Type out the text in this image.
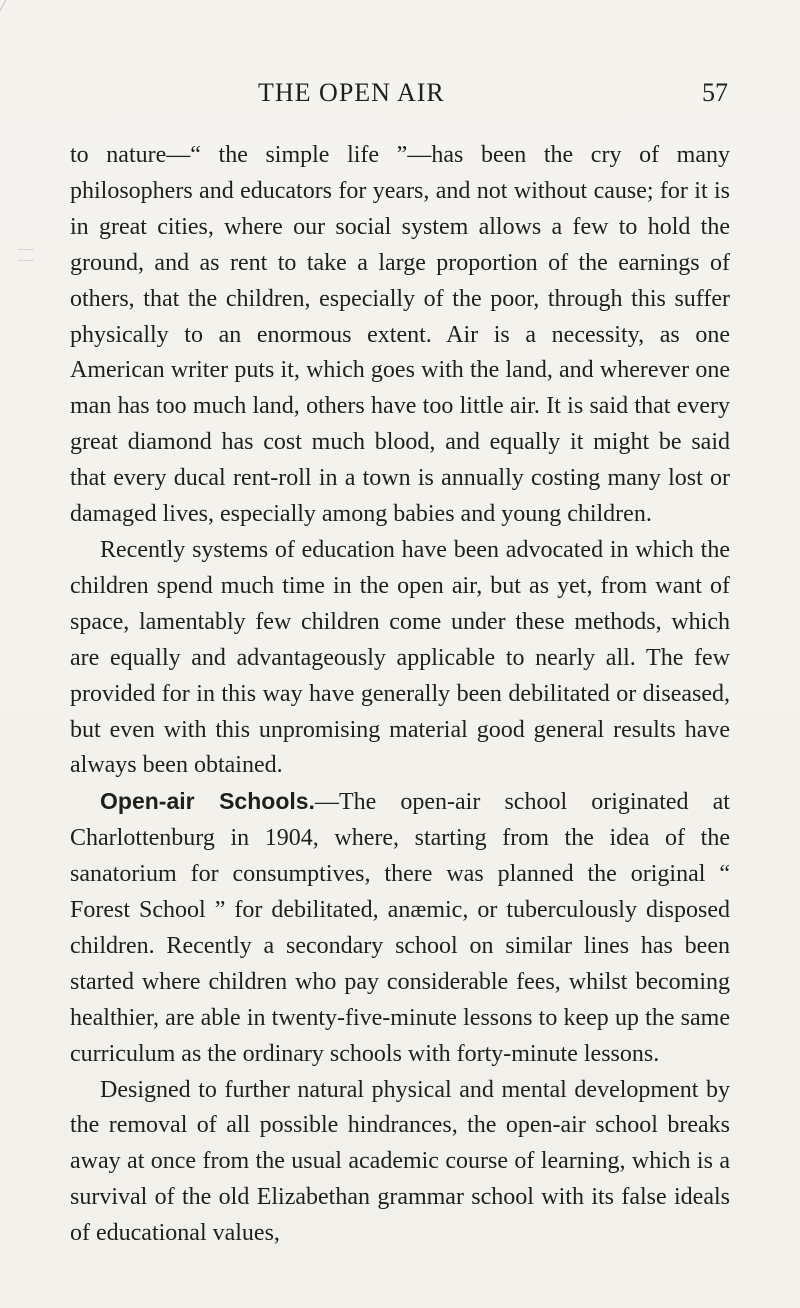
THE OPEN AIR	57

to nature—“ the simple life ”—has been the cry of many philosophers and educators for years, and not without cause; for it is in great cities, where our social system allows a few to hold the ground, and as rent to take a large proportion of the earnings of others, that the children, especially of the poor, through this suffer physically to an enormous extent. Air is a necessity, as one American writer puts it, which goes with the land, and wherever one man has too much land, others have too little air. It is said that every great diamond has cost much blood, and equally it might be said that every ducal rent-roll in a town is annually costing many lost or damaged lives, especially among babies and young children.

Recently systems of education have been advocated in which the children spend much time in the open air, but as yet, from want of space, lamentably few children come under these methods, which are equally and advantageously applicable to nearly all. The few provided for in this way have generally been debilitated or diseased, but even with this unpromising material good general results have always been obtained.

Open-air Schools.—The open-air school originated at Charlottenburg in 1904, where, starting from the idea of the sanatorium for consumptives, there was planned the original “ Forest School ” for debilitated, anæmic, or tuberculously disposed children. Recently a secondary school on similar lines has been started where children who pay considerable fees, whilst becoming healthier, are able in twenty-five-minute lessons to keep up the same curriculum as the ordinary schools with forty-minute lessons.

Designed to further natural physical and mental development by the removal of all possible hindrances, the open-air school breaks away at once from the usual academic course of learning, which is a survival of the old Elizabethan grammar school with its false ideals of educational values,
